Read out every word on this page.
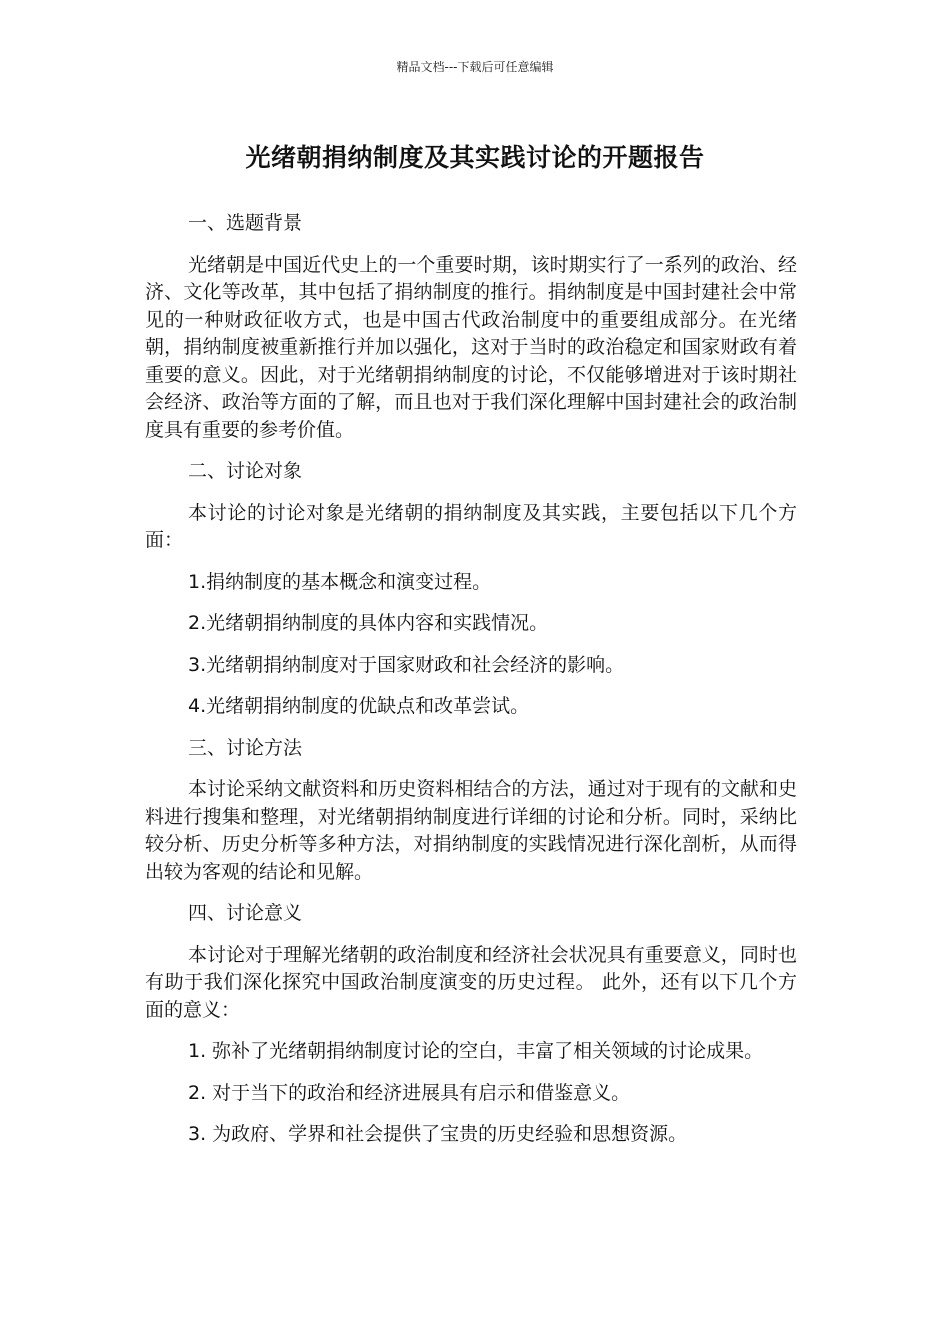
精品文档---下载后可任意编辑
光绪朝捐纳制度及其实践讨论的开题报告

一、选题背景

光绪朝是中国近代史上的一个重要时期，该时期实行了一系列的政治、经济、文化等改革，其中包括了捐纳制度的推行。捐纳制度是中国封建社会中常见的一种财政征收方式，也是中国古代政治制度中的重要组成部分。在光绪朝，捐纳制度被重新推行并加以强化，这对于当时的政治稳定和国家财政有着重要的意义。因此，对于光绪朝捐纳制度的讨论，不仅能够增进对于该时期社会经济、政治等方面的了解，而且也对于我们深化理解中国封建社会的政治制度具有重要的参考价值。

二、讨论对象

本讨论的讨论对象是光绪朝的捐纳制度及其实践，主要包括以下几个方面：

1.捐纳制度的基本概念和演变过程。

2.光绪朝捐纳制度的具体内容和实践情况。

3.光绪朝捐纳制度对于国家财政和社会经济的影响。

4.光绪朝捐纳制度的优缺点和改革尝试。

三、讨论方法

本讨论采纳文献资料和历史资料相结合的方法，通过对于现有的文献和史料进行搜集和整理，对光绪朝捐纳制度进行详细的讨论和分析。同时，采纳比较分析、历史分析等多种方法，对捐纳制度的实践情况进行深化剖析，从而得出较为客观的结论和见解。

四、讨论意义

本讨论对于理解光绪朝的政治制度和经济社会状况具有重要意义，同时也有助于我们深化探究中国政治制度演变的历史过程。 此外，还有以下几个方面的意义：

1. 弥补了光绪朝捐纳制度讨论的空白，丰富了相关领域的讨论成果。

2. 对于当下的政治和经济进展具有启示和借鉴意义。

3. 为政府、学界和社会提供了宝贵的历史经验和思想资源。
